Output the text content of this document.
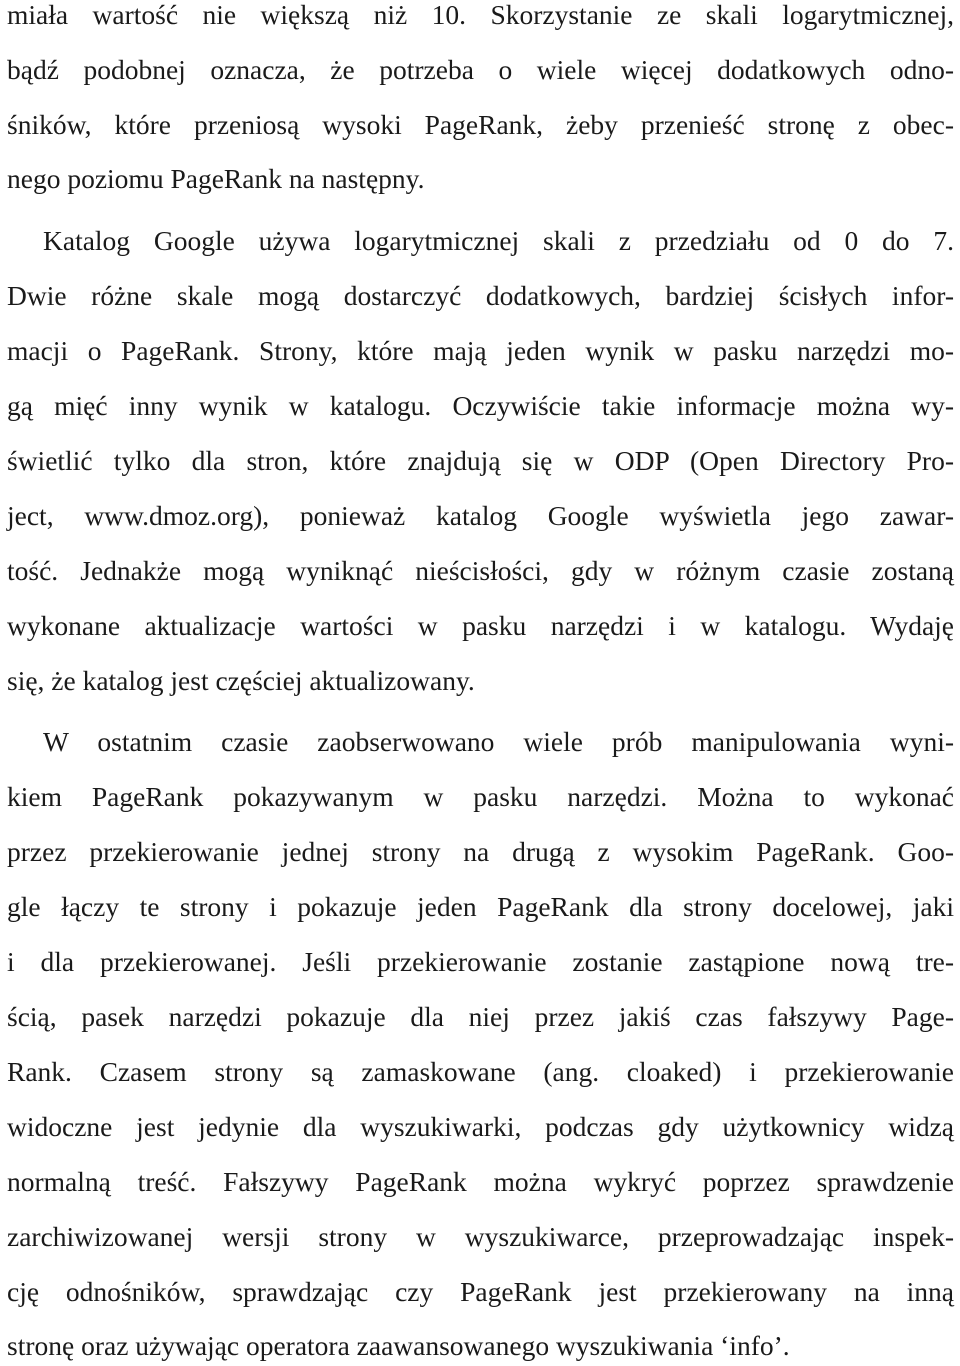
miała wartość nie większą niż 10. Skorzystanie ze skali logarytmicznej,
bądź podobnej oznacza, że potrzeba o wiele więcej dodatkowych odno-
śników, które przeniosą wysoki PageRank, żeby przenieść stronę z obec-
nego poziomu PageRank na następny.
Katalog Google używa logarytmicznej skali z przedziału od 0 do 7.
Dwie różne skale mogą dostarczyć dodatkowych, bardziej ścisłych infor-
macji o PageRank. Strony, które mają jeden wynik w pasku narzędzi mo-
gą mięć inny wynik w katalogu. Oczywiście takie informacje można wy-
świetlić tylko dla stron, które znajdują się w ODP (Open Directory Pro-
ject, www.dmoz.org), ponieważ katalog Google wyświetla jego zawar-
tość. Jednakże mogą wyniknąć nieścisłości, gdy w różnym czasie zostaną
wykonane aktualizacje wartości w pasku narzędzi i w katalogu. Wydaję
się, że katalog jest częściej aktualizowany.
W ostatnim czasie zaobserwowano wiele prób manipulowania wyni-
kiem PageRank pokazywanym w pasku narzędzi. Można to wykonać
przez przekierowanie jednej strony na drugą z wysokim PageRank. Goo-
gle łączy te strony i pokazuje jeden PageRank dla strony docelowej, jaki
i dla przekierowanej. Jeśli przekierowanie zostanie zastąpione nową tre-
ścią, pasek narzędzi pokazuje dla niej przez jakiś czas fałszywy Page-
Rank. Czasem strony są zamaskowane (ang. cloaked) i przekierowanie
widoczne jest jedynie dla wyszukiwarki, podczas gdy użytkownicy widzą
normalną treść. Fałszywy PageRank można wykryć poprzez sprawdzenie
zarchiwizowanej wersji strony w wyszukiwarce, przeprowadzając inspek-
cję odnośników, sprawdzając czy PageRank jest przekierowany na inną
stronę oraz używając operatora zaawansowanego wyszukiwania ‘info’.
